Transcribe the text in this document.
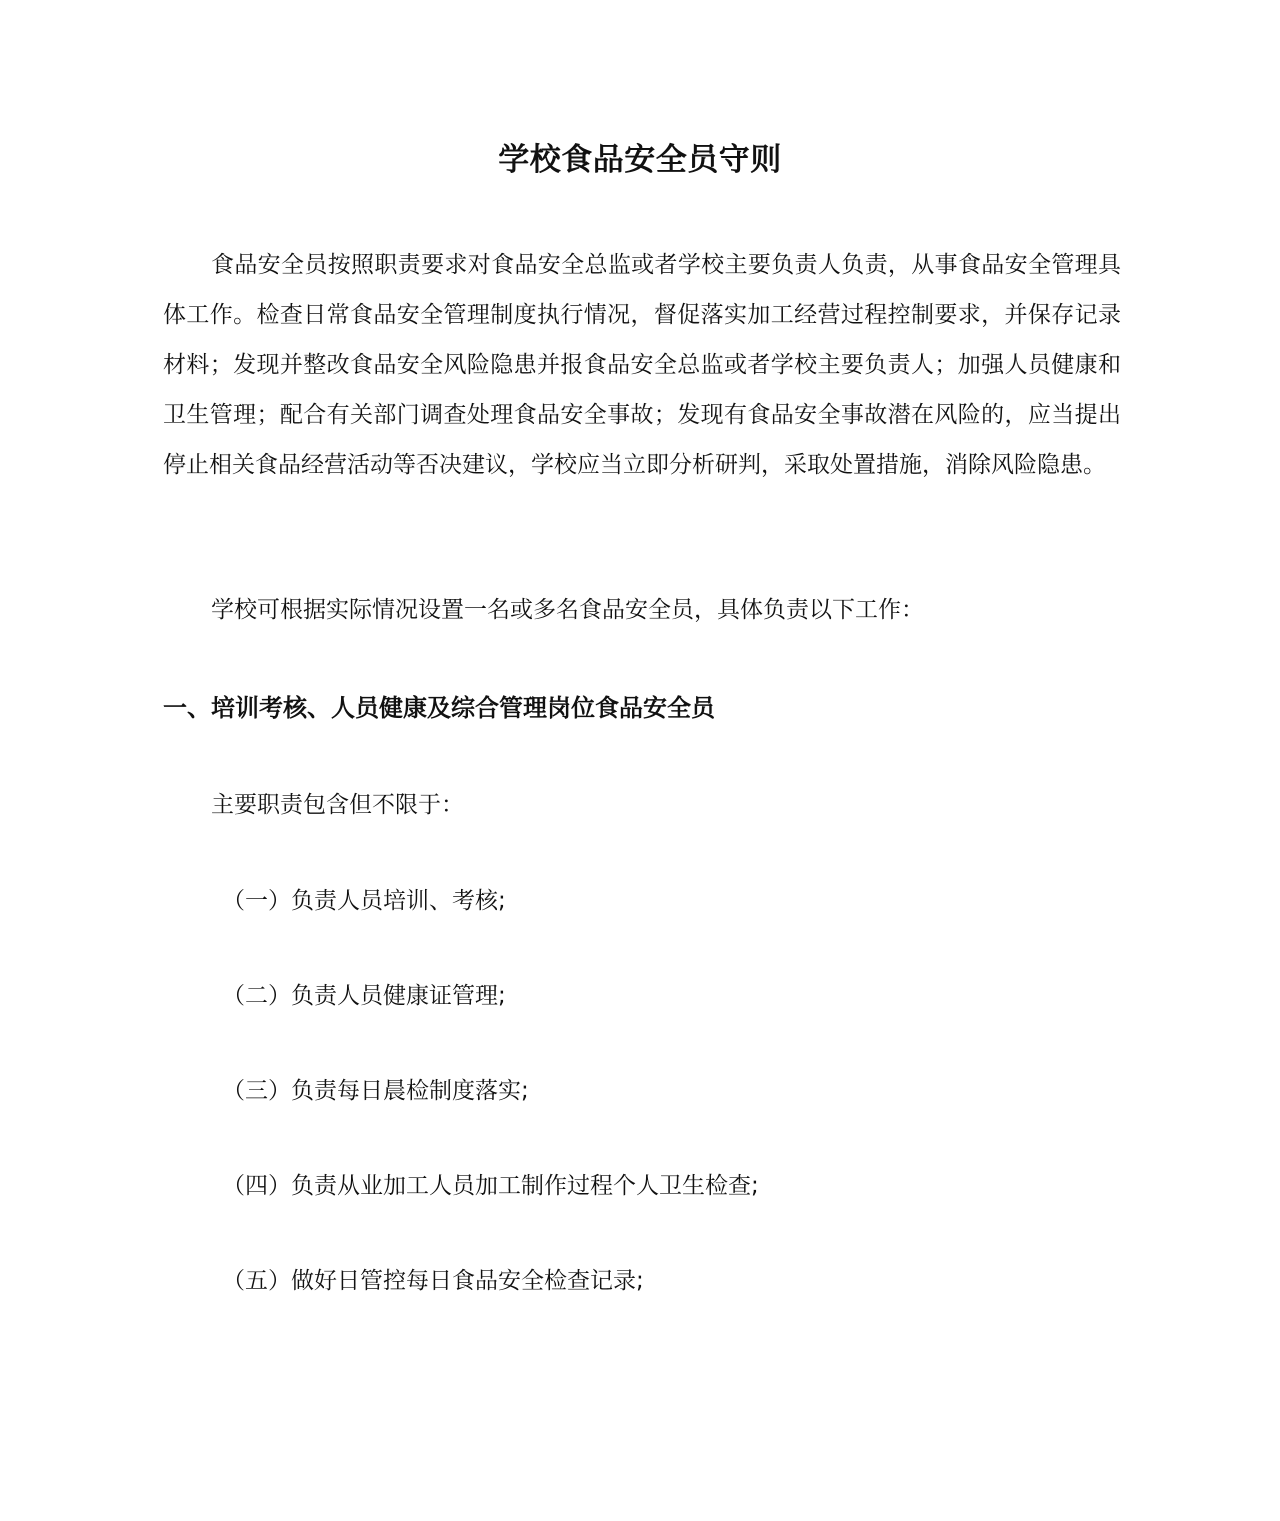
学校食品安全员守则

食品安全员按照职责要求对食品安全总监或者学校主要负责人负责，从事食品安全管理具体工作。检查日常食品安全管理制度执行情况，督促落实加工经营过程控制要求，并保存记录材料；发现并整改食品安全风险隐患并报食品安全总监或者学校主要负责人；加强人员健康和卫生管理；配合有关部门调查处理食品安全事故；发现有食品安全事故潜在风险的，应当提出停止相关食品经营活动等否决建议，学校应当立即分析研判，采取处置措施，消除风险隐患。

学校可根据实际情况设置一名或多名食品安全员，具体负责以下工作：

一、培训考核、人员健康及综合管理岗位食品安全员
主要职责包含但不限于：
（一）负责人员培训、考核;
（二）负责人员健康证管理;
（三）负责每日晨检制度落实;
（四）负责从业加工人员加工制作过程个人卫生检查;
（五）做好日管控每日食品安全检查记录;
